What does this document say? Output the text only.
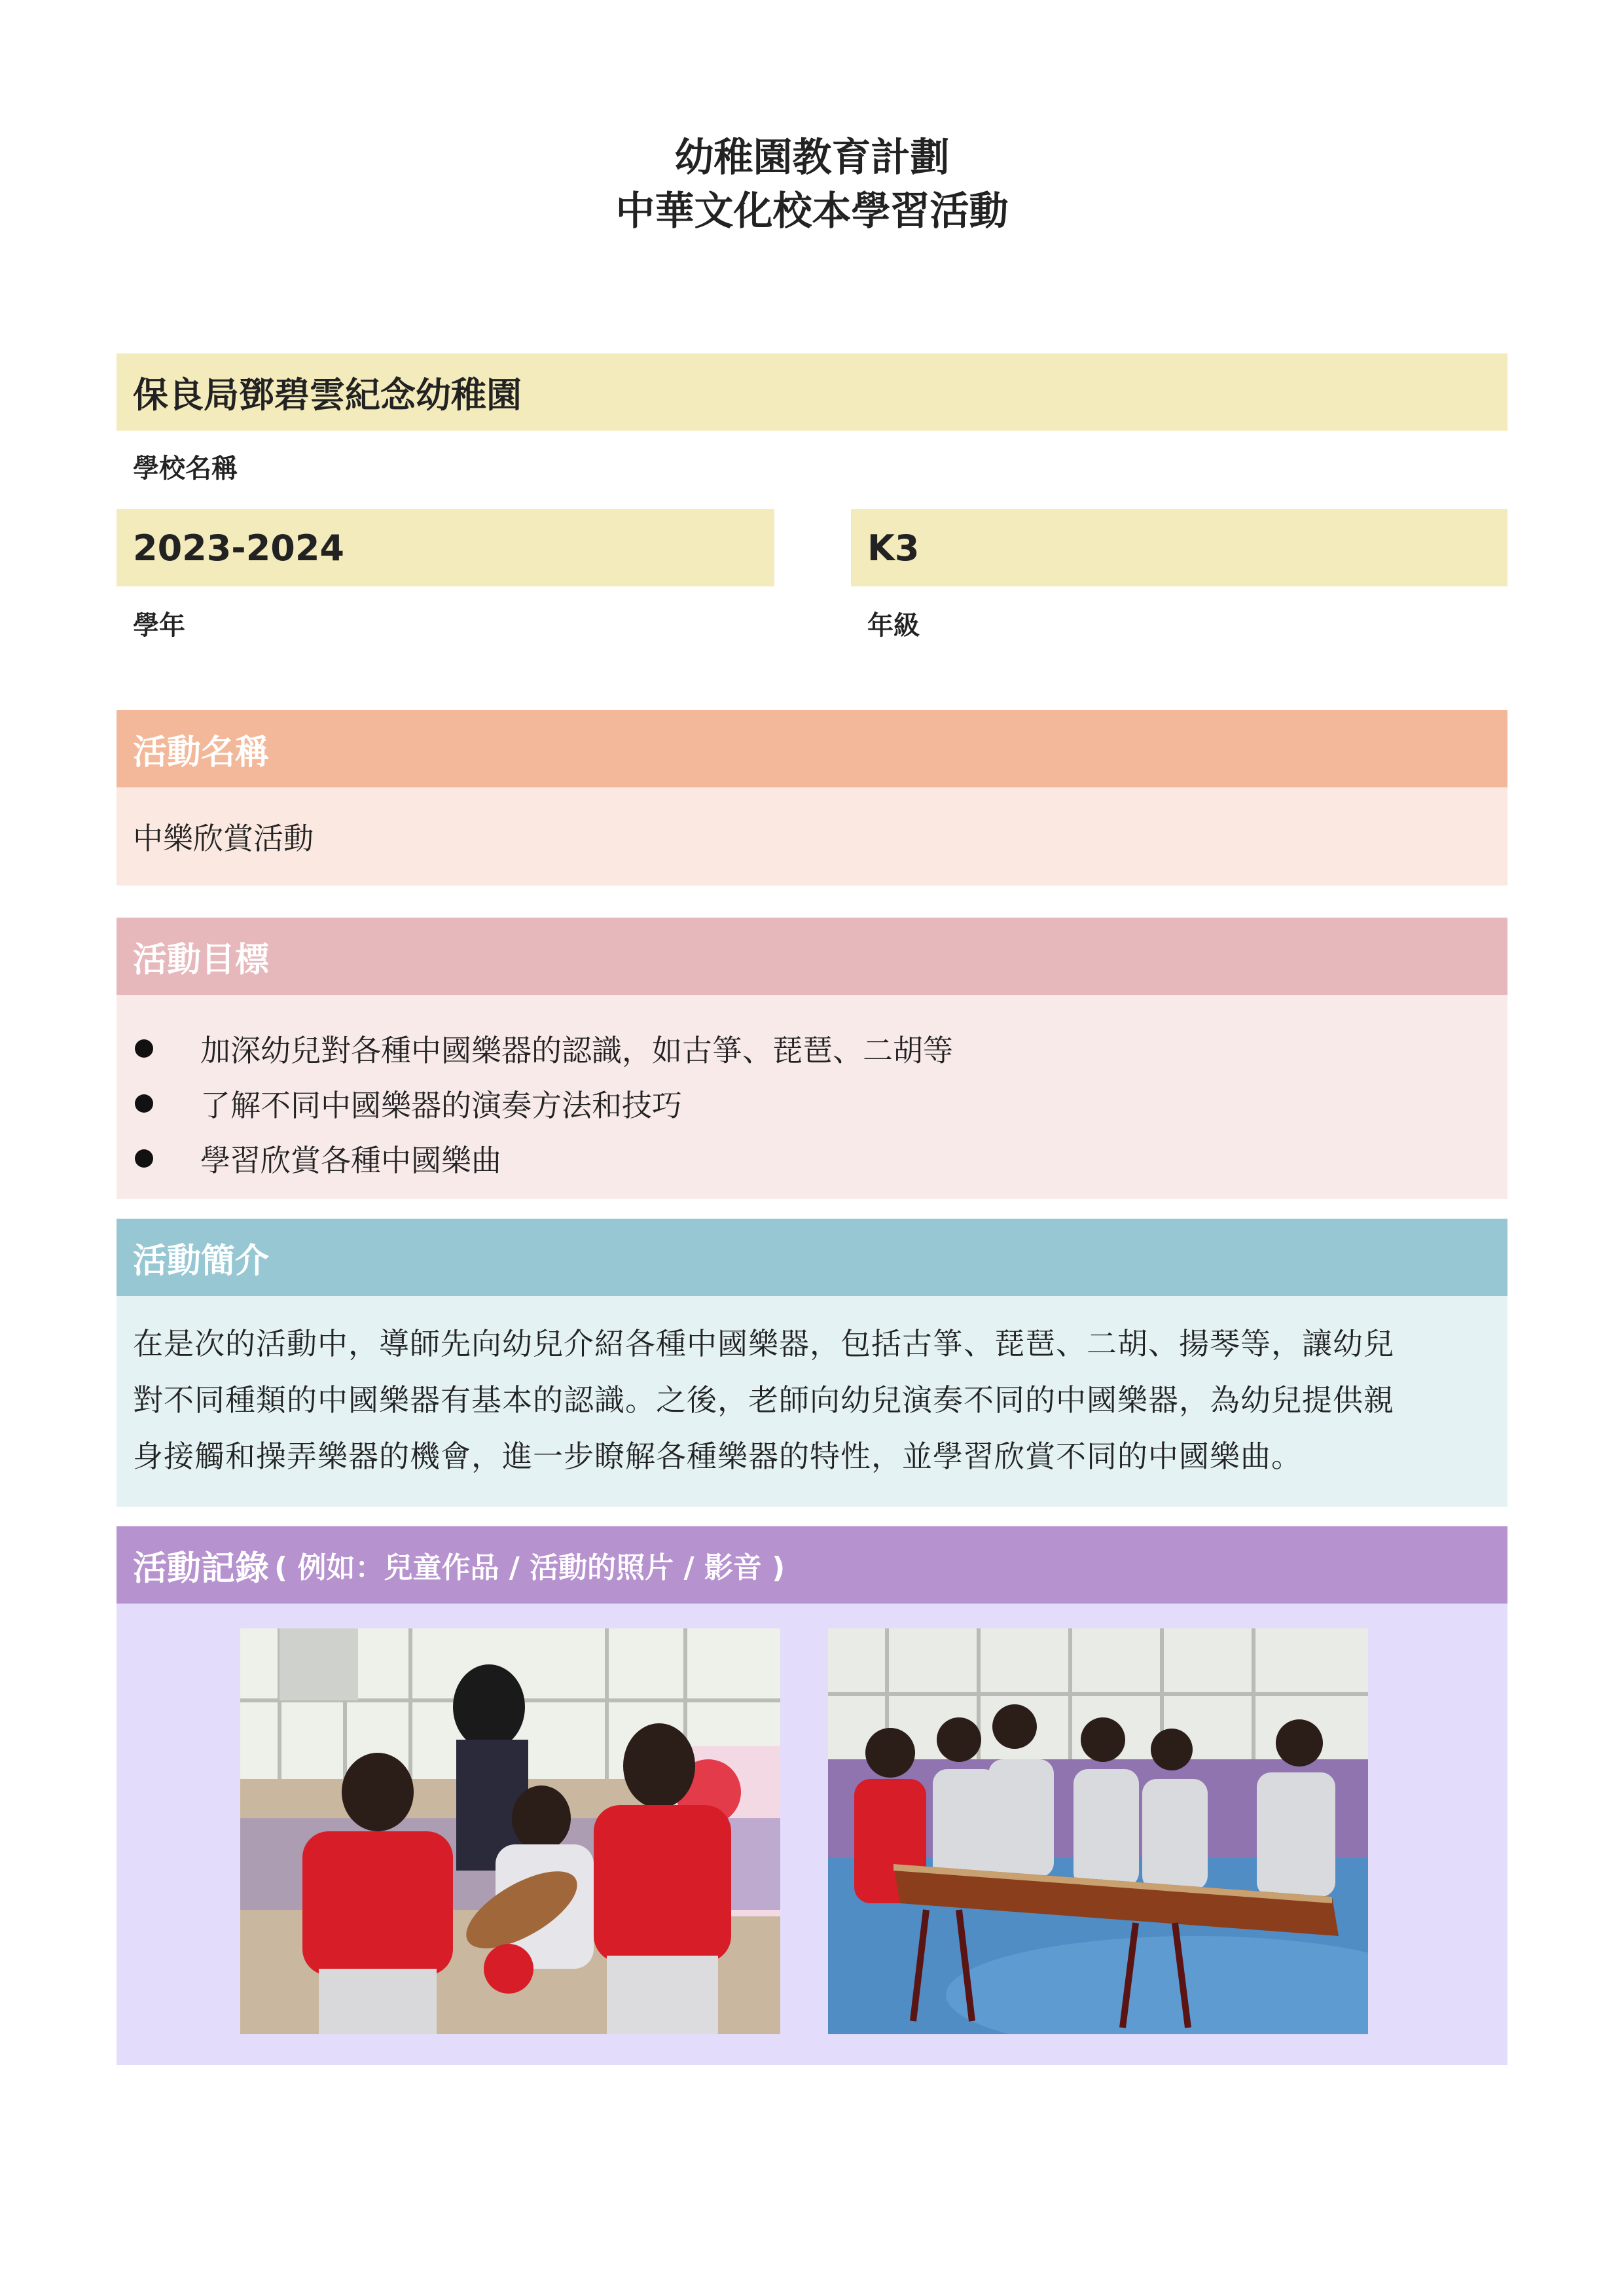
幼稚園教育計劃
中華文化校本學習活動
保良局鄧碧雲紀念幼稚園
學校名稱
2023-2024
學年
K3
年級
活動名稱
中樂欣賞活動
活動目標
加深幼兒對各種中國樂器的認識，如古箏、琵琶、二胡等
了解不同中國樂器的演奏方法和技巧
學習欣賞各種中國樂曲
活動簡介

在是次的活動中，導師先向幼兒介紹各種中國樂器，包括古箏、琵琶、二胡、揚琴等，讓幼兒
對不同種類的中國樂器有基本的認識。之後，老師向幼兒演奏不同的中國樂器，為幼兒提供親
身接觸和操弄樂器的機會，進一步瞭解各種樂器的特性，並學習欣賞不同的中國樂曲。

活動記錄 ( 例如：兒童作品 / 活動的照片 / 影音 )
